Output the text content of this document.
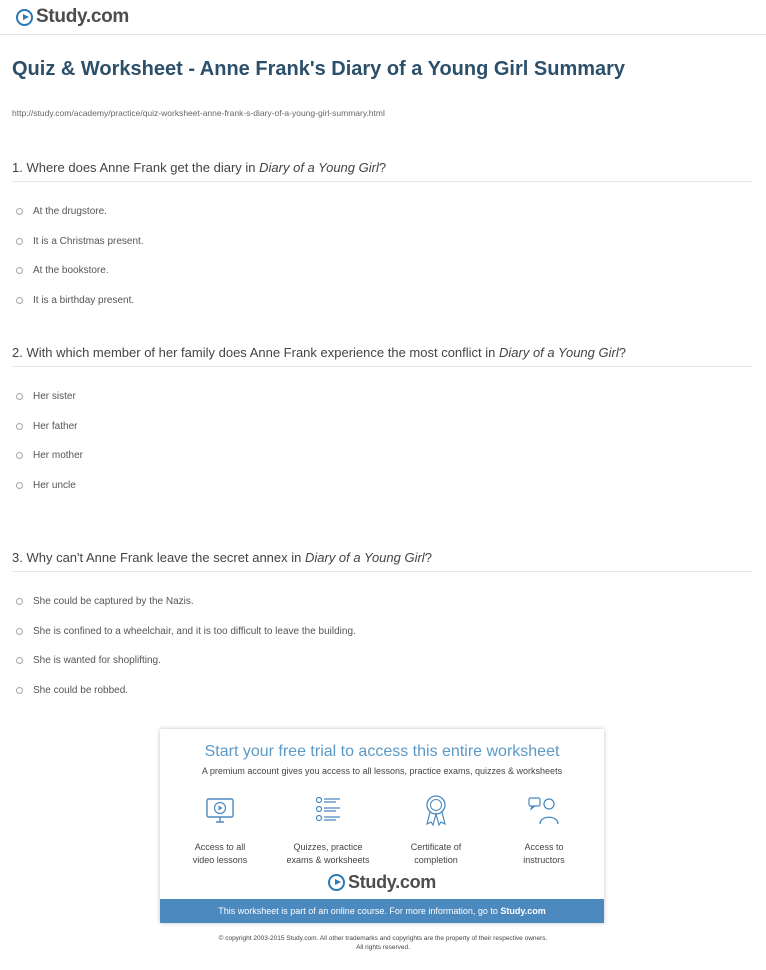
Study.com
Quiz & Worksheet - Anne Frank's Diary of a Young Girl Summary
http://study.com/academy/practice/quiz-worksheet-anne-frank-s-diary-of-a-young-girl-summary.html
1. Where does Anne Frank get the diary in Diary of a Young Girl?
At the drugstore.
It is a Christmas present.
At the bookstore.
It is a birthday present.
2. With which member of her family does Anne Frank experience the most conflict in Diary of a Young Girl?
Her sister
Her father
Her mother
Her uncle
3. Why can't Anne Frank leave the secret annex in Diary of a Young Girl?
She could be captured by the Nazis.
She is confined to a wheelchair, and it is too difficult to leave the building.
She is wanted for shoplifting.
She could be robbed.
Start your free trial to access this entire worksheet
A premium account gives you access to all lessons, practice exams, quizzes & worksheets
Access to all
video lessons
Quizzes, practice
exams & worksheets
Certificate of
completion
Access to
instructors
Study.com
This worksheet is part of an online course. For more information, go to Study.com
© copyright 2003-2015 Study.com. All other trademarks and copyrights are the property of their respective owners.
All rights reserved.
